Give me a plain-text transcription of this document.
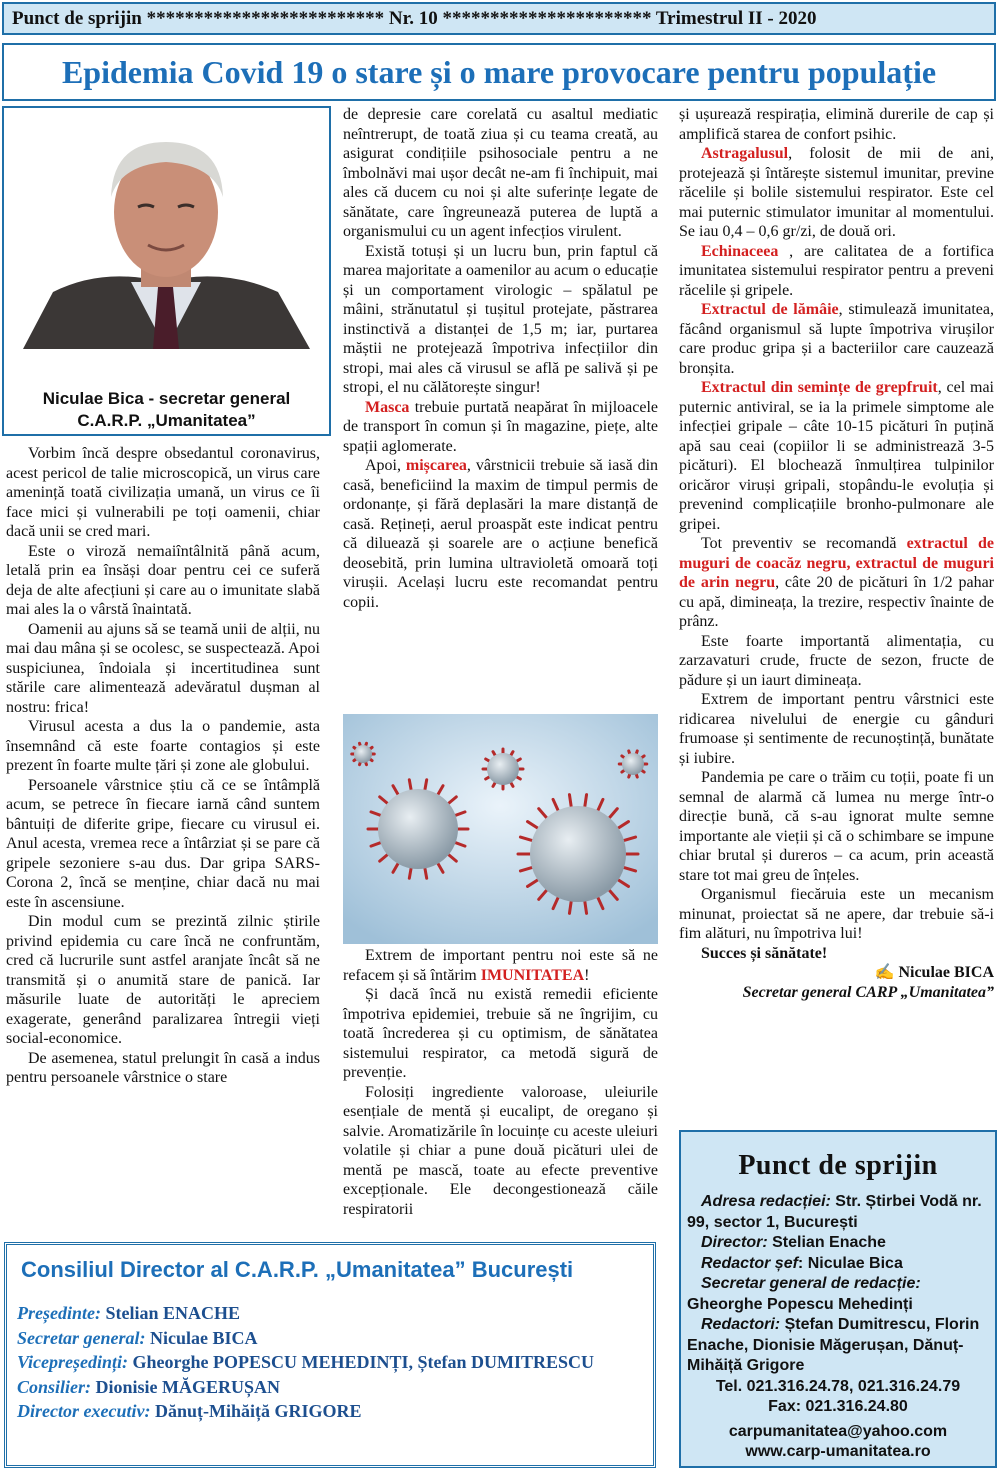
Punct de sprijin ************************* Nr. 10 ********************** Trimestrul II - 2020
Epidemia Covid 19 o stare și o mare provocare pentru populație
Niculae Bica - secretar general
C.A.R.P. „Umanitatea”

Vorbim încă despre obsedantul coronavirus, acest pericol de talie microscopică, un virus care amenință toată civilizația umană, un virus ce îi face mici și vulnerabili pe toți oamenii, chiar dacă unii se cred mari.

Este o viroză nemaiîntâlnită până acum, letală prin ea însăși doar pentru cei ce suferă deja de alte afecțiuni și care au o imunitate slabă mai ales la o vârstă înaintată.

Oamenii au ajuns să se teamă unii de alții, nu mai dau mâna și se ocolesc, se suspectează. Apoi suspiciunea, îndoiala și incertitudinea sunt stările care alimentează adevăratul dușman al nostru: frica!

Virusul acesta a dus la o pandemie, asta însemnând că este foarte contagios și este prezent în foarte multe țări și zone ale globului.

Persoanele vârstnice știu că ce se întâmplă acum, se petrece în fiecare iarnă când suntem bântuiți de diferite gripe, fiecare cu virusul ei. Anul acesta, vremea rece a întârziat și se pare că gripele sezoniere s-au dus. Dar gripa SARS-Corona 2, încă se menține, chiar dacă nu mai este în ascensiune.

Din modul cum se prezintă zilnic știrile privind epidemia cu care încă ne confruntăm, cred că lucrurile sunt astfel aranjate încât să ne transmită și o anumită stare de panică. Iar măsurile luate de autorități le apreciem exagerate, generând paralizarea întregii vieți social-economice.

De asemenea, statul prelungit în casă a indus pentru persoanele vârstnice o stare

de depresie care corelată cu asaltul mediatic neîntrerupt, de toată ziua și cu teama creată, au asigurat condițiile psihosociale pentru a ne îmbolnăvi mai ușor decât ne-am fi închipuit, mai ales că ducem cu noi și alte suferințe legate de sănătate, care îngreunează puterea de luptă a organismului cu un agent infecțios virulent.

Există totuși și un lucru bun, prin faptul că marea majoritate a oamenilor au acum o educație și un comportament virologic – spălatul pe mâini, strănutatul și tușitul protejate, păstrarea instinctivă a distanței de 1,5 m; iar, purtarea măștii ne protejează împotriva infecțiilor din stropi, mai ales că virusul se află pe salivă și pe stropi, el nu călătorește singur!

Masca trebuie purtată neapărat în mijloacele de transport în comun și în magazine, piețe, alte spații aglomerate.

Apoi, mișcarea, vârstnicii trebuie să iasă din casă, beneficiind la maxim de timpul permis de ordonanțe, și fără deplasări la mare distanță de casă. Rețineți, aerul proaspăt este indicat pentru că diluează și soarele are o acțiune benefică deosebită, prin lumina ultravioletă omoară toți virușii. Același lucru este recomandat pentru copii.

Extrem de important pentru noi este să ne refacem și să întărim IMUNITATEA!

Și dacă încă nu există remedii eficiente împotriva epidemiei, trebuie să ne îngrijim, cu toată încrederea și cu optimism, de sănătatea sistemului respirator, ca metodă sigură de prevenție.

Folosiți ingrediente valoroase, uleiurile esențiale de mentă și eucalipt, de oregano și salvie. Aromatizările în locuințe cu aceste uleiuri volatile și chiar a pune două picături ulei de mentă pe mască, toate au efecte preventive excepționale. Ele decongestionează căile respiratorii

și ușurează respirația, elimină durerile de cap și amplifică starea de confort psihic.

Astragalusul, folosit de mii de ani, protejează și întărește sistemul imunitar, previne răcelile și bolile sistemului respirator. Este cel mai puternic stimulator imunitar al momentului. Se iau 0,4 – 0,6 gr/zi, de două ori.

Echinaceea , are calitatea de a fortifica imunitatea sistemului respirator pentru a preveni răcelile și gripele.

Extractul de lămâie, stimulează imunitatea, făcând organismul să lupte împotriva virușilor care produc gripa și a bacteriilor care cauzează bronșita.

Extractul din semințe de grepfruit, cel mai puternic antiviral, se ia la primele simptome ale infecției gripale – câte 10-15 picături în puțină apă sau ceai (copiilor li se administrează 3-5 picături). El blochează înmulțirea tulpinilor oricăror viruși gripali, stopându-le evoluția și prevenind complicațiile bronho-pulmonare ale gripei.

Tot preventiv se recomandă extractul de muguri de coacăz negru, extractul de muguri de arin negru, câte 20 de picături în 1/2 pahar cu apă, dimineața, la trezire, respectiv înainte de prânz.

Este foarte importantă alimentația, cu zarzavaturi crude, fructe de sezon, fructe de pădure și un iaurt dimineața.

Extrem de important pentru vârstnici este ridicarea nivelului de energie cu gânduri frumoase și sentimente de recunoștință, bunătate și iubire.

Pandemia pe care o trăim cu toții, poate fi un semnal de alarmă că lumea nu merge într-o direcție bună, că s-au ignorat multe semne importante ale vieții și că o schimbare se impune chiar brutal și dureros – ca acum, prin această stare tot mai greu de înțeles.

Organismul fiecăruia este un mecanism minunat, proiectat să ne apere, dar trebuie să-i fim alături, nu împotriva lui!

Succes și sănătate!

✍ Niculae BICA
Secretar general CARP „Umanitatea”
Consiliul Director al C.A.R.P. „Umanitatea” București
Președinte: Stelian ENACHE
Secretar general: Niculae BICA
Vicepreședinți: Gheorghe POPESCU MEHEDINȚI, Ștefan DUMITRESCU
Consilier: Dionisie MĂGERUȘAN
Director executiv: Dănuț-Mihăiță GRIGORE
Punct de sprijin
Adresa redacției: Str. Știrbei Vodă nr. 99, sector 1, București
Director: Stelian Enache
Redactor șef: Niculae Bica
Secretar general de redacție: Gheorghe Popescu Mehedinți
Redactori: Ștefan Dumitrescu, Florin Enache, Dionisie Măgerușan, Dănuț-Mihăiță Grigore
Tel. 021.316.24.78, 021.316.24.79
Fax: 021.316.24.80
carpumanitatea@yahoo.com
www.carp-umanitatea.ro
